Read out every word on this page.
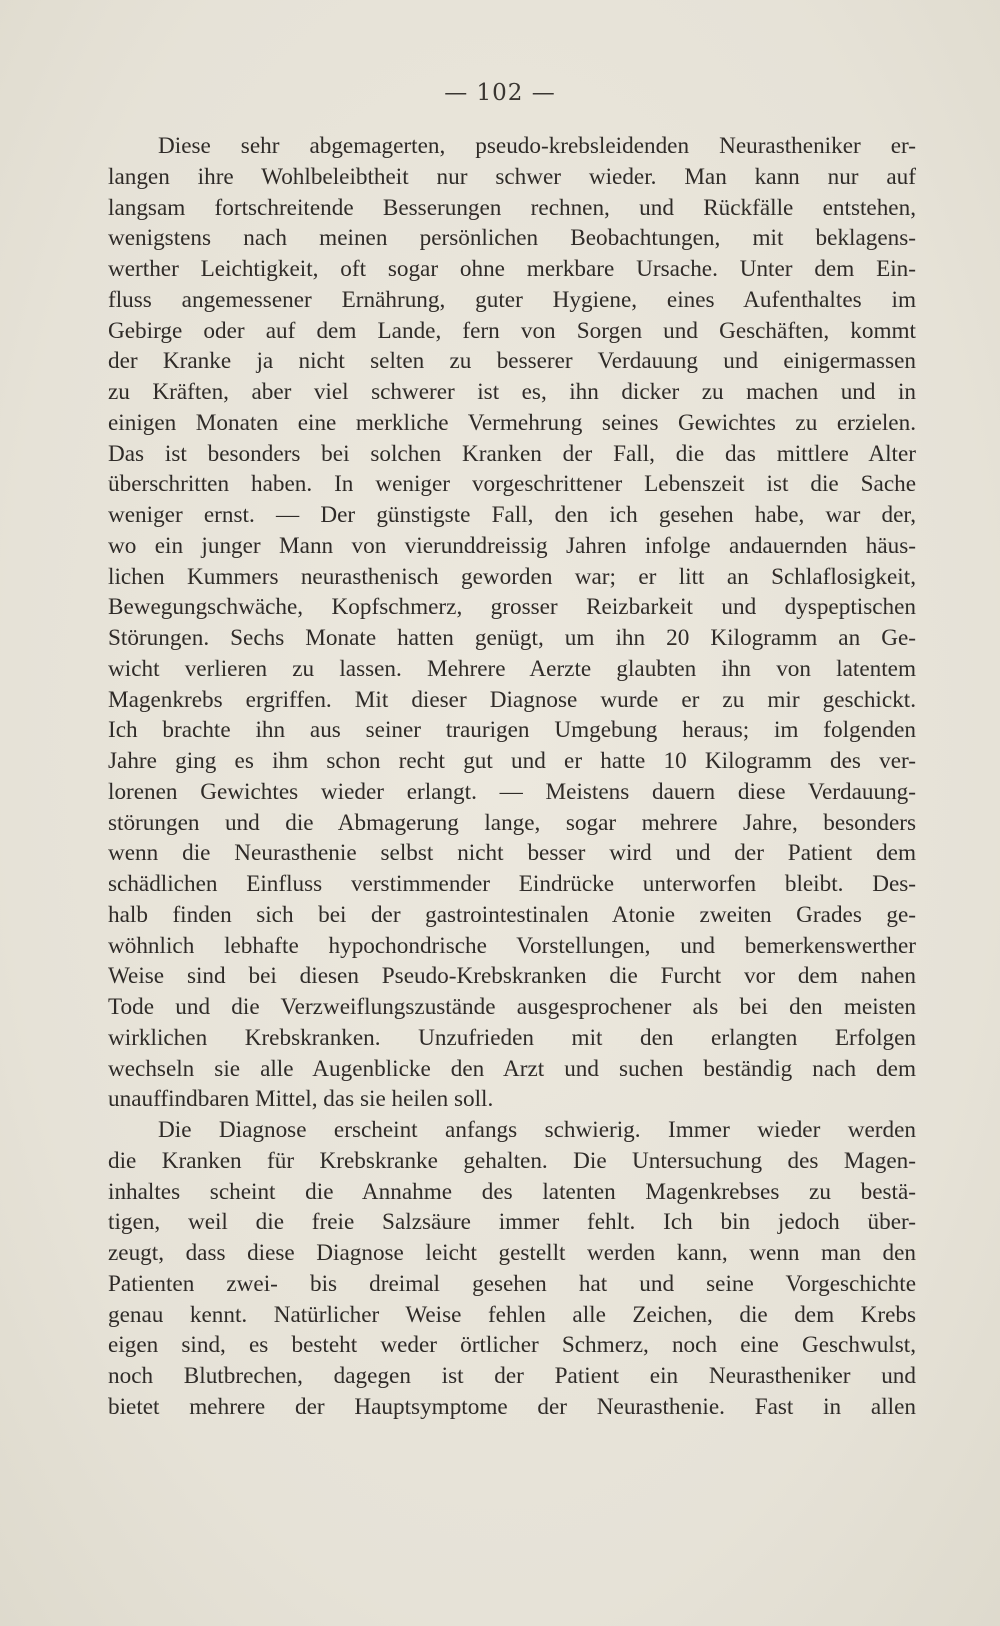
— 102 —
Diese sehr abgemagerten, pseudo-krebsleidenden Neurastheniker er-
langen ihre Wohlbeleibtheit nur schwer wieder. Man kann nur auf
langsam fortschreitende Besserungen rechnen, und Rückfälle entstehen,
wenigstens nach meinen persönlichen Beobachtungen, mit beklagens-
werther Leichtigkeit, oft sogar ohne merkbare Ursache. Unter dem Ein-
fluss angemessener Ernährung, guter Hygiene, eines Aufenthaltes im
Gebirge oder auf dem Lande, fern von Sorgen und Geschäften, kommt
der Kranke ja nicht selten zu besserer Verdauung und einigermassen
zu Kräften, aber viel schwerer ist es, ihn dicker zu machen und in
einigen Monaten eine merkliche Vermehrung seines Gewichtes zu erzielen.
Das ist besonders bei solchen Kranken der Fall, die das mittlere Alter
überschritten haben. In weniger vorgeschrittener Lebenszeit ist die Sache
weniger ernst. — Der günstigste Fall, den ich gesehen habe, war der,
wo ein junger Mann von vierunddreissig Jahren infolge andauernden häus-
lichen Kummers neurasthenisch geworden war; er litt an Schlaflosigkeit,
Bewegungschwäche, Kopfschmerz, grosser Reizbarkeit und dyspeptischen
Störungen. Sechs Monate hatten genügt, um ihn 20 Kilogramm an Ge-
wicht verlieren zu lassen. Mehrere Aerzte glaubten ihn von latentem
Magenkrebs ergriffen. Mit dieser Diagnose wurde er zu mir geschickt.
Ich brachte ihn aus seiner traurigen Umgebung heraus; im folgenden
Jahre ging es ihm schon recht gut und er hatte 10 Kilogramm des ver-
lorenen Gewichtes wieder erlangt. — Meistens dauern diese Verdauung-
störungen und die Abmagerung lange, sogar mehrere Jahre, besonders
wenn die Neurasthenie selbst nicht besser wird und der Patient dem
schädlichen Einfluss verstimmender Eindrücke unterworfen bleibt. Des-
halb finden sich bei der gastrointestinalen Atonie zweiten Grades ge-
wöhnlich lebhafte hypochondrische Vorstellungen, und bemerkenswerther
Weise sind bei diesen Pseudo-Krebskranken die Furcht vor dem nahen
Tode und die Verzweiflungszustände ausgesprochener als bei den meisten
wirklichen Krebskranken. Unzufrieden mit den erlangten Erfolgen
wechseln sie alle Augenblicke den Arzt und suchen beständig nach dem
unauffindbaren Mittel, das sie heilen soll.
Die Diagnose erscheint anfangs schwierig. Immer wieder werden
die Kranken für Krebskranke gehalten. Die Untersuchung des Magen-
inhaltes scheint die Annahme des latenten Magenkrebses zu bestä-
tigen, weil die freie Salzsäure immer fehlt. Ich bin jedoch über-
zeugt, dass diese Diagnose leicht gestellt werden kann, wenn man den
Patienten zwei- bis dreimal gesehen hat und seine Vorgeschichte
genau kennt. Natürlicher Weise fehlen alle Zeichen, die dem Krebs
eigen sind, es besteht weder örtlicher Schmerz, noch eine Geschwulst,
noch Blutbrechen, dagegen ist der Patient ein Neurastheniker und
bietet mehrere der Hauptsymptome der Neurasthenie. Fast in allen
